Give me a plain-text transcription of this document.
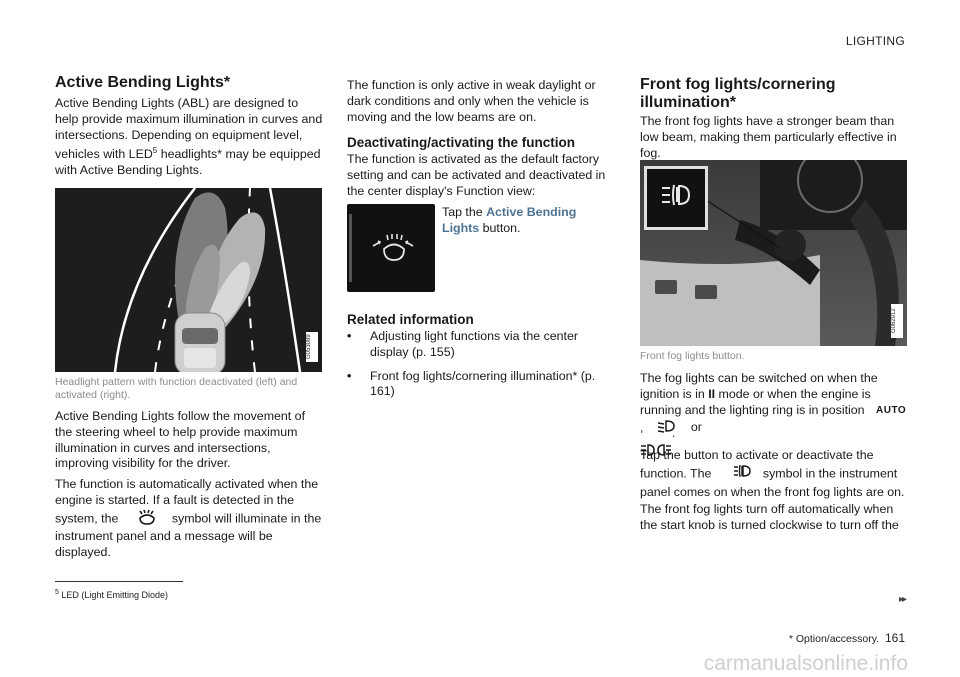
LIGHTING
Active Bending Lights*

Active Bending Lights (ABL) are designed to help provide maximum illumination in curves and intersections. Depending on equipment level, vehicles with LED$^5$ headlights* may be equipped with Active Bending Lights.

G053089
Headlight pattern with function deactivated (left) and activated (right).

Active Bending Lights follow the movement of the steering wheel to help provide maximum illumination in curves and intersections, improving visibility for the driver.

The function is automatically activated when the engine is started. If a fault is detected in the system, the	symbol will illuminate in the instrument panel and a message will be displayed.

The function is only active in weak daylight or dark conditions and only when the vehicle is moving and the low beams are on.

Deactivating/activating the function

The function is activated as the default factory setting and can be activated and deactivated in the center display's Function view:

Tap the Active Bending Lights button.

Related information
• Adjusting light functions via the center display (p. 155)
• Front fog lights/cornering illumination* (p. 161)
Front fog lights/cornering illumination*

The front fog lights have a stronger beam than low beam, making them particularly effective in fog.

G062912
Front fog lights button.

The fog lights can be switched on when the ignition is in II mode or when the engine is running and the lighting ring is in position AUTO,	or

.

Tap the button to activate or deactivate the function. The	symbol in the instrument panel comes on when the front fog lights are on.

The front fog lights turn off automatically when the start knob is turned clockwise to turn off the

$^5$ LED (Light Emitting Diode)	▸▸
* Option/accessory. 161
carmanualsonline.info
